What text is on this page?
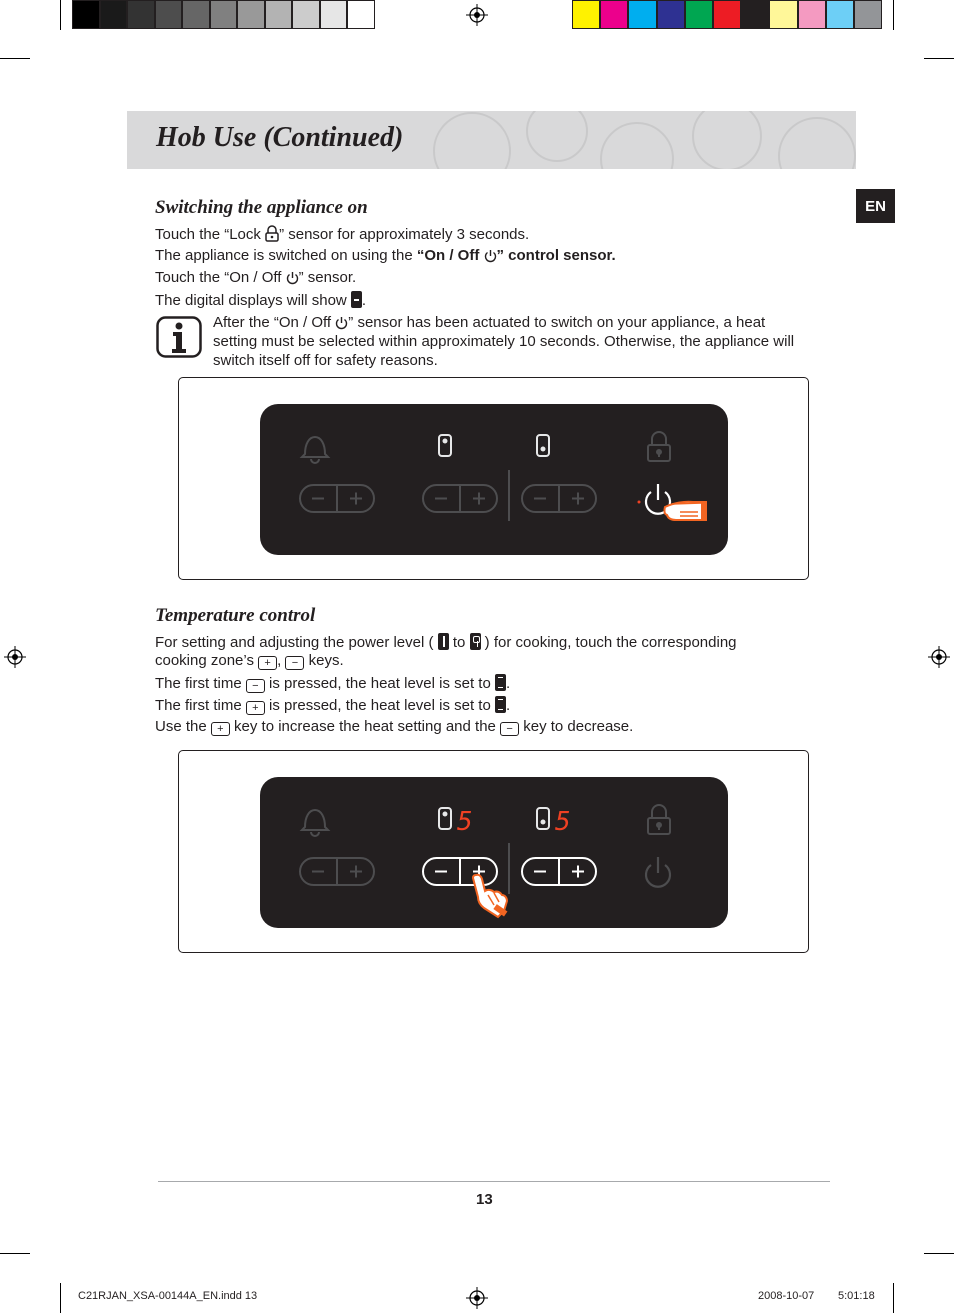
Hob Use (Continued)
EN
Switching the appliance on
Touch the “Lock ” sensor for approximately 3 seconds.
The appliance is switched on using the “On / Off ” control sensor.
Touch the “On / Off ” sensor.
The digital displays will show
.
After the “On / Off ” sensor has been actuated to switch on your appliance, a heat setting must be selected within approximately 10 seconds. Otherwise, the appliance will switch itself off for safety reasons.
Temperature control
For setting and adjusting the power level (
to
) for cooking, touch the corresponding
cooking zone’s + , − keys.
The first time − is pressed, the heat level is set to
.
The first time + is pressed, the heat level is set to
.
Use the + key to increase the heat setting and the − key to decrease.
5	5
13
C21RJAN_XSA-00144A_EN.indd 13	2008-10-07 5:01:18
